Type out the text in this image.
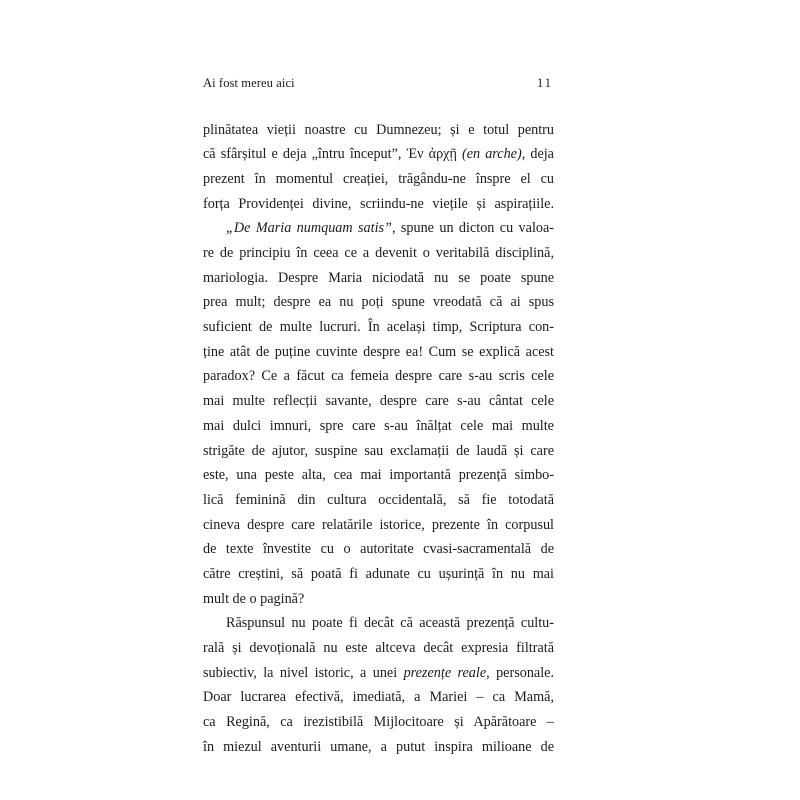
Ai fost mereu aici	11
plinătatea vieții noastre cu Dumnezeu; și e totul pentru
că sfârșitul e deja „întru început”, Ἐν ἀρχῇ (en arche), deja
prezent în momentul creației, trăgându-ne înspre el cu
forța Providenței divine, scriindu-ne viețile și aspirațiile.
„De Maria numquam satis”, spune un dicton cu valoa-
re de principiu în ceea ce a devenit o veritabilă disciplină,
mariologia. Despre Maria niciodată nu se poate spune
prea mult; despre ea nu poți spune vreodată că ai spus
suficient de multe lucruri. În același timp, Scriptura con-
ține atât de puține cuvinte despre ea! Cum se explică acest
paradox? Ce a făcut ca femeia despre care s-au scris cele
mai multe reflecții savante, despre care s-au cântat cele
mai dulci imnuri, spre care s-au înălțat cele mai multe
strigăte de ajutor, suspine sau exclamații de laudă și care
este, una peste alta, cea mai importantă prezență simbo-
lică feminină din cultura occidentală, să fie totodată
cineva despre care relatările istorice, prezente în corpusul
de texte învestite cu o autoritate cvasi-sacramentală de
către creștini, să poată fi adunate cu ușurință în nu mai
mult de o pagină?
Răspunsul nu poate fi decât că această prezență cultu-
rală și devoțională nu este altceva decât expresia filtrată
subiectiv, la nivel istoric, a unei prezențe reale, personale.
Doar lucrarea efectivă, imediată, a Mariei – ca Mamă,
ca Regină, ca irezistibilă Mijlocitoare și Apărătoare –
în miezul aventurii umane, a putut inspira milioane de
